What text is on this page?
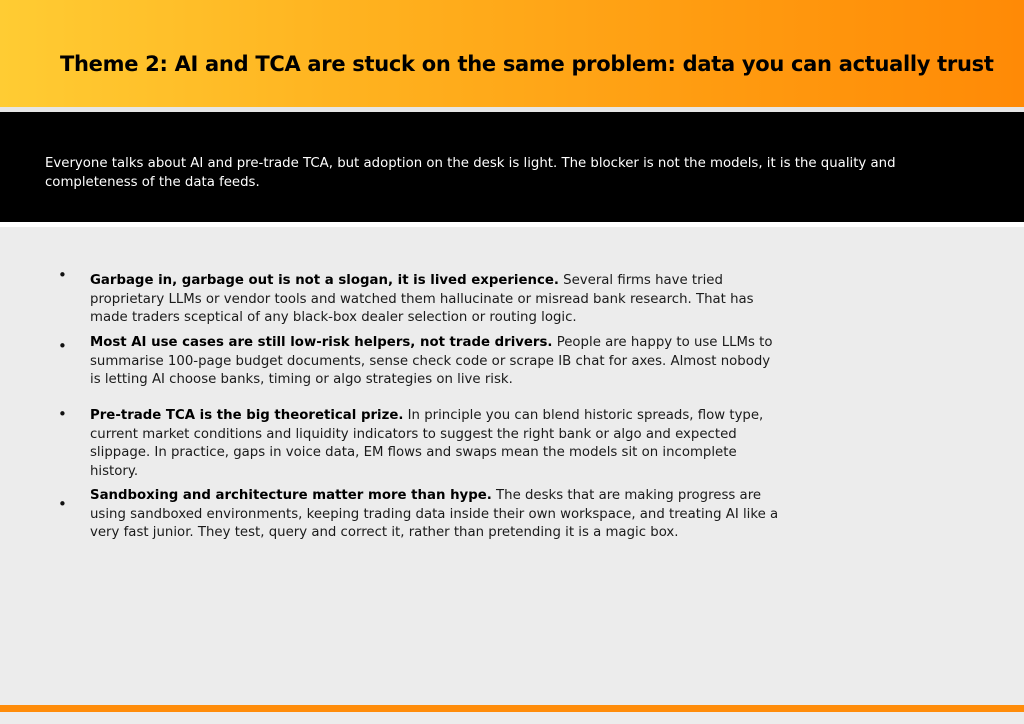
Theme 2: AI and TCA are stuck on the same problem: data you can actually trust

Everyone talks about AI and pre-trade TCA, but adoption on the desk is light. The blocker is not the models, it is the quality and completeness of the data feeds.

• Garbage in, garbage out is not a slogan, it is lived experience. Several firms have tried proprietary LLMs or vendor tools and watched them hallucinate or misread bank research. That has made traders sceptical of any black-box dealer selection or routing logic.

• Most AI use cases are still low-risk helpers, not trade drivers. People are happy to use LLMs to summarise 100-page budget documents, sense check code or scrape IB chat for axes. Almost nobody is letting AI choose banks, timing or algo strategies on live risk.

• Pre-trade TCA is the big theoretical prize. In principle you can blend historic spreads, flow type, current market conditions and liquidity indicators to suggest the right bank or algo and expected slippage. In practice, gaps in voice data, EM flows and swaps mean the models sit on incomplete history.

• Sandboxing and architecture matter more than hype. The desks that are making progress are using sandboxed environments, keeping trading data inside their own workspace, and treating AI like a very fast junior. They test, query and correct it, rather than pretending it is a magic box.
